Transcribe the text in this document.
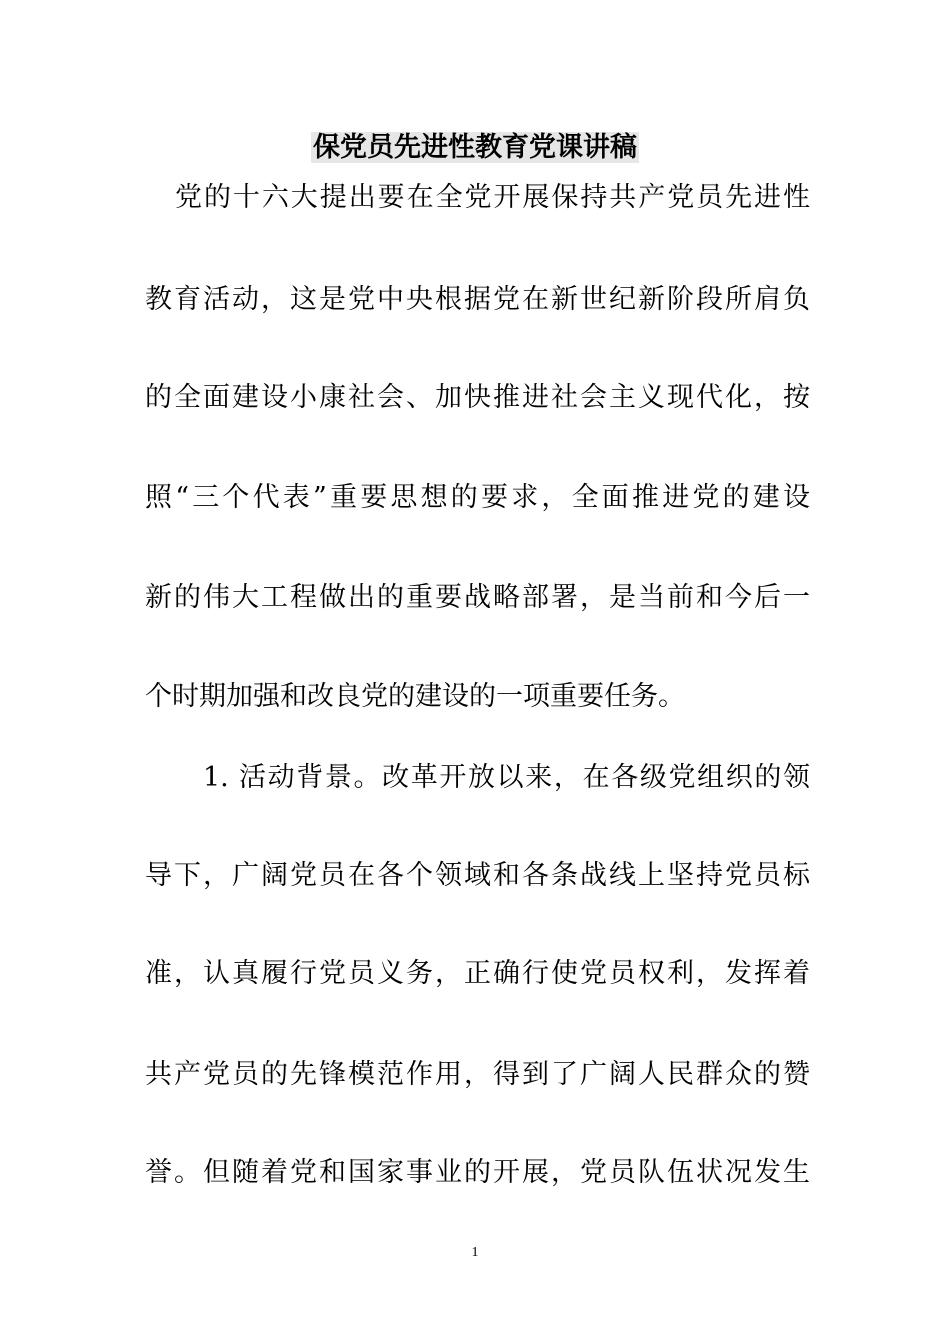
保党员先进性教育党课讲稿
党的十六大提出要在全党开展保持共产党员先进性
教育活动，这是党中央根据党在新世纪新阶段所肩负
的全面建设小康社会、加快推进社会主义现代化，按
照“三个代表”重要思想的要求，全面推进党的建设
新的伟大工程做出的重要战略部署，是当前和今后一
个时期加强和改良党的建设的一项重要任务。
1. 活动背景。改革开放以来，在各级党组织的领
导下，广阔党员在各个领域和各条战线上坚持党员标
准，认真履行党员义务，正确行使党员权利，发挥着
共产党员的先锋模范作用，得到了广阔人民群众的赞
誉。但随着党和国家事业的开展，党员队伍状况发生
1
